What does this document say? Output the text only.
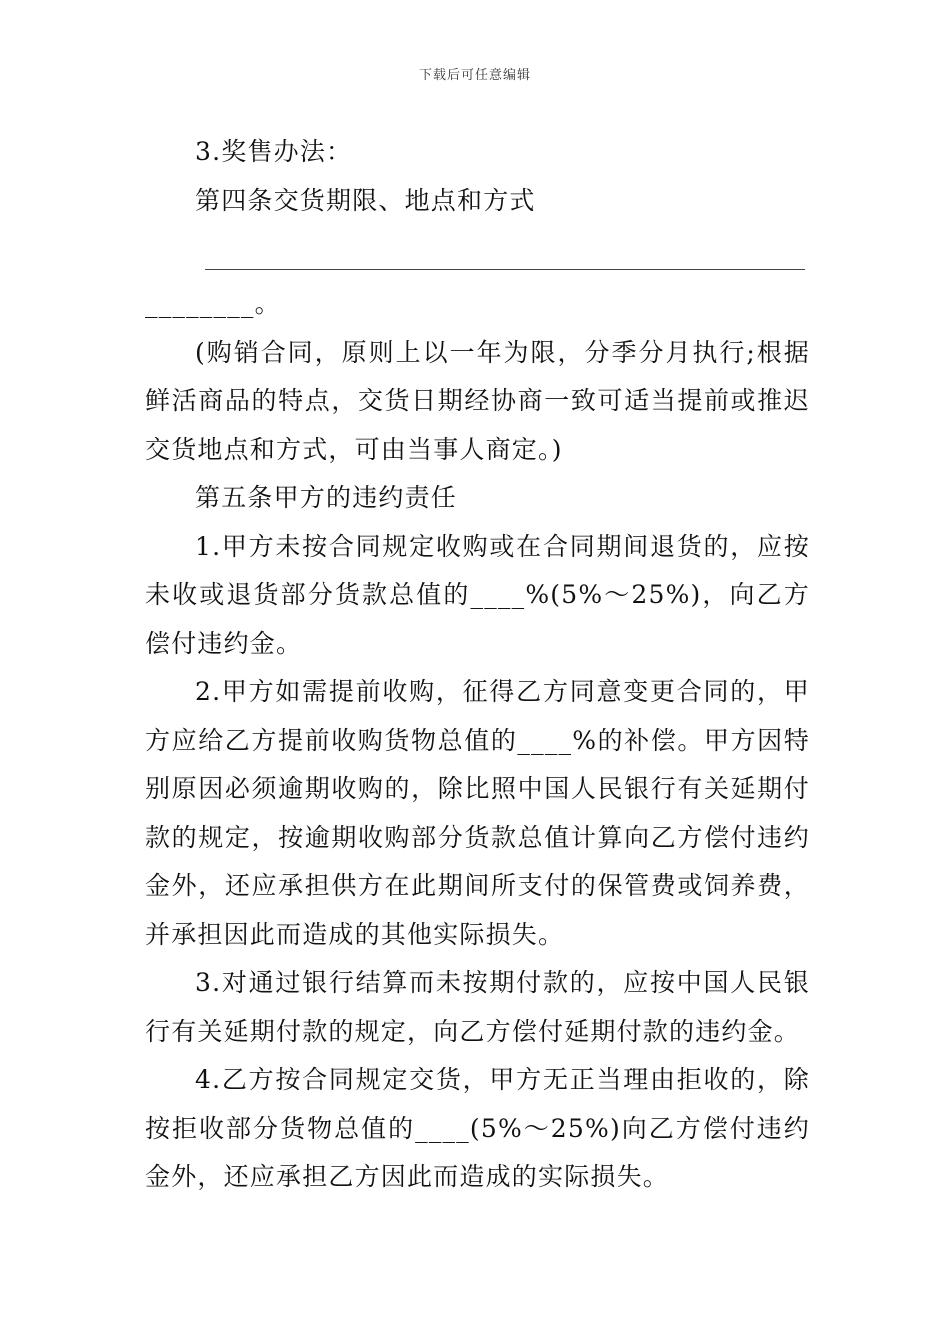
下载后可任意编辑

3.奖售办法：

第四条交货期限、地点和方式

________。

(购销合同，原则上以一年为限，分季分月执行;根据鲜活商品的特点，交货日期经协商一致可适当提前或推迟交货地点和方式，可由当事人商定。)

第五条甲方的违约责任

1.甲方未按合同规定收购或在合同期间退货的，应按未收或退货部分货款总值的____%(5%～25%)，向乙方偿付违约金。

2.甲方如需提前收购，征得乙方同意变更合同的，甲方应给乙方提前收购货物总值的____%的补偿。甲方因特别原因必须逾期收购的，除比照中国人民银行有关延期付款的规定，按逾期收购部分货款总值计算向乙方偿付违约金外，还应承担供方在此期间所支付的保管费或饲养费，并承担因此而造成的其他实际损失。

3.对通过银行结算而未按期付款的，应按中国人民银行有关延期付款的规定，向乙方偿付延期付款的违约金。

4.乙方按合同规定交货，甲方无正当理由拒收的，除按拒收部分货物总值的____(5%～25%)向乙方偿付违约金外，还应承担乙方因此而造成的实际损失。
